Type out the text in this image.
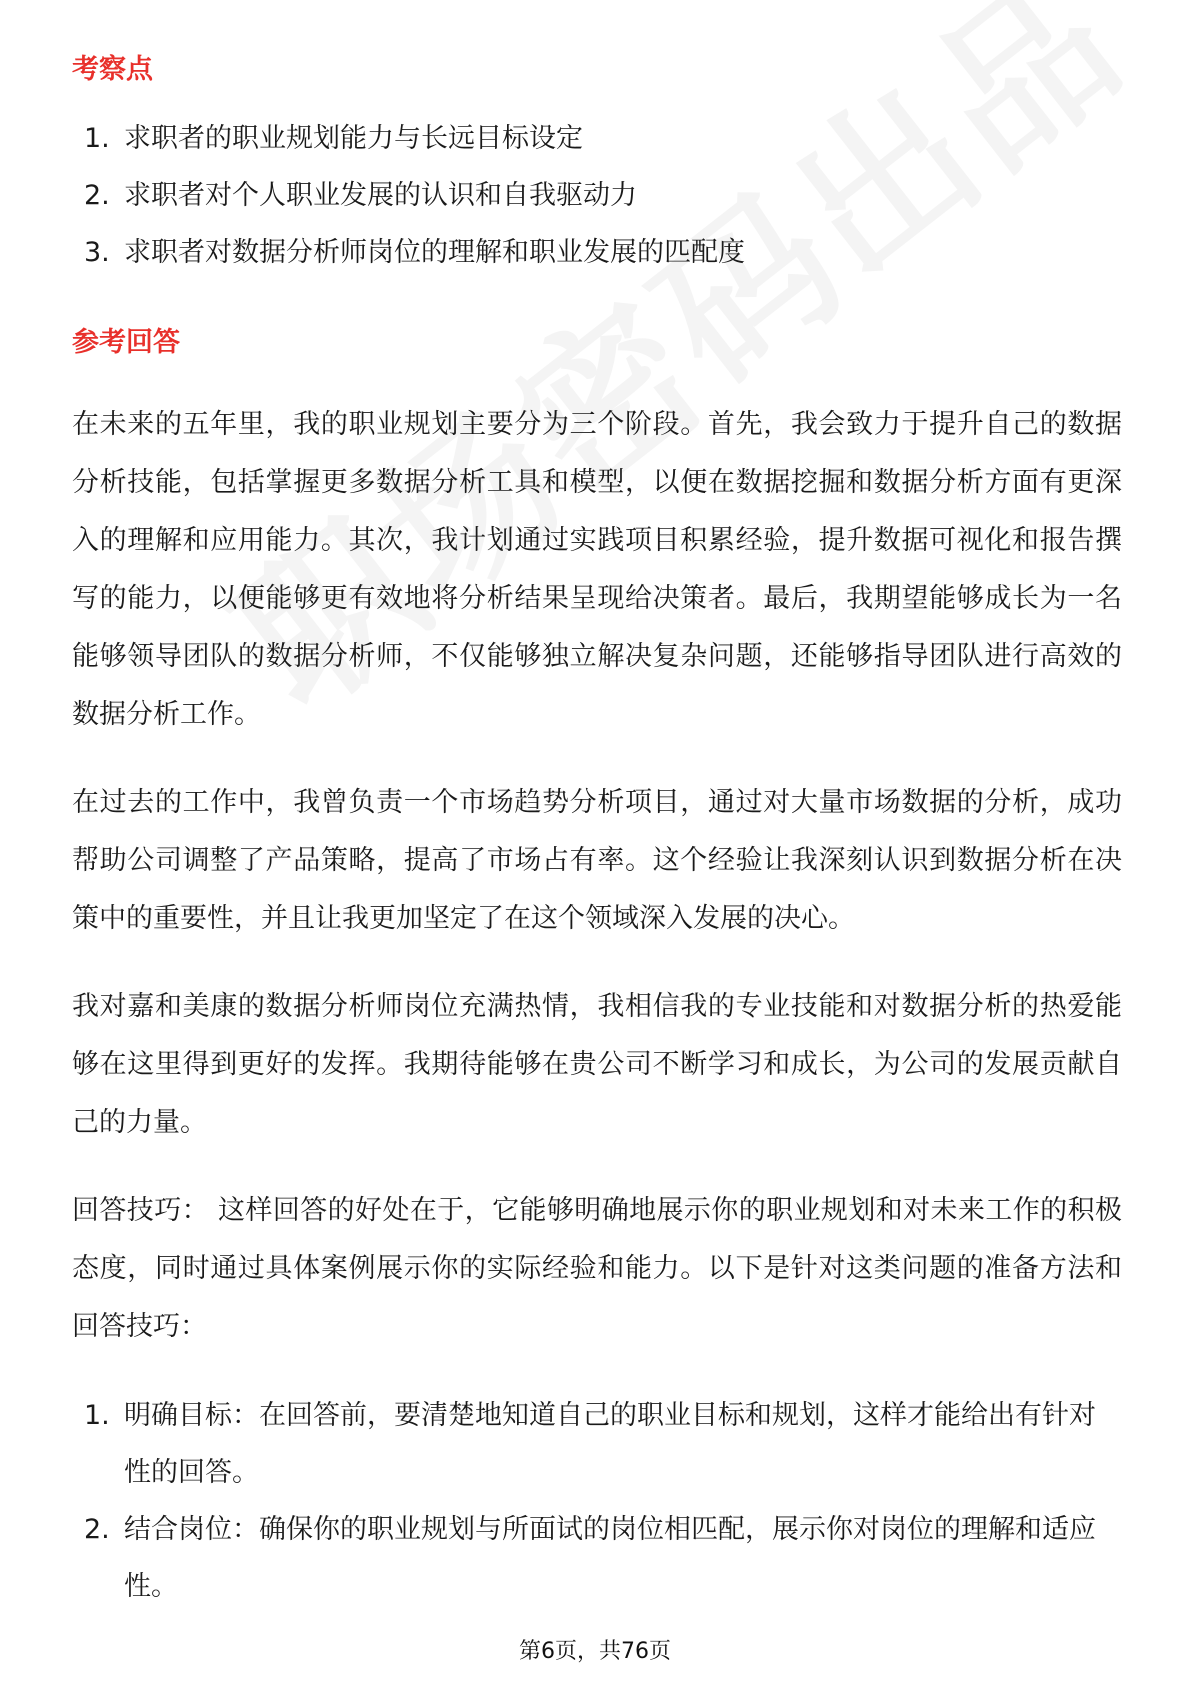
考察点
1. 求职者的职业规划能力与长远目标设定
2. 求职者对个人职业发展的认识和自我驱动力
3. 求职者对数据分析师岗位的理解和职业发展的匹配度
参考回答

在未来的五年里，我的职业规划主要分为三个阶段。首先，我会致力于提升自己的数据分析技能，包括掌握更多数据分析工具和模型，以便在数据挖掘和数据分析方面有更深入的理解和应用能力。其次，我计划通过实践项目积累经验，提升数据可视化和报告撰写的能力，以便能够更有效地将分析结果呈现给决策者。最后，我期望能够成长为一名能够领导团队的数据分析师，不仅能够独立解决复杂问题，还能够指导团队进行高效的数据分析工作。

在过去的工作中，我曾负责一个市场趋势分析项目，通过对大量市场数据的分析，成功帮助公司调整了产品策略，提高了市场占有率。这个经验让我深刻认识到数据分析在决策中的重要性，并且让我更加坚定了在这个领域深入发展的决心。

我对嘉和美康的数据分析师岗位充满热情，我相信我的专业技能和对数据分析的热爱能够在这里得到更好的发挥。我期待能够在贵公司不断学习和成长，为公司的发展贡献自己的力量。

回答技巧： 这样回答的好处在于，它能够明确地展示你的职业规划和对未来工作的积极态度，同时通过具体案例展示你的实际经验和能力。以下是针对这类问题的准备方法和回答技巧：

1. 明确目标：在回答前，要清楚地知道自己的职业目标和规划，这样才能给出有针对性的回答。
2. 结合岗位：确保你的职业规划与所面试的岗位相匹配，展示你对岗位的理解和适应性。
第6页，共76页
